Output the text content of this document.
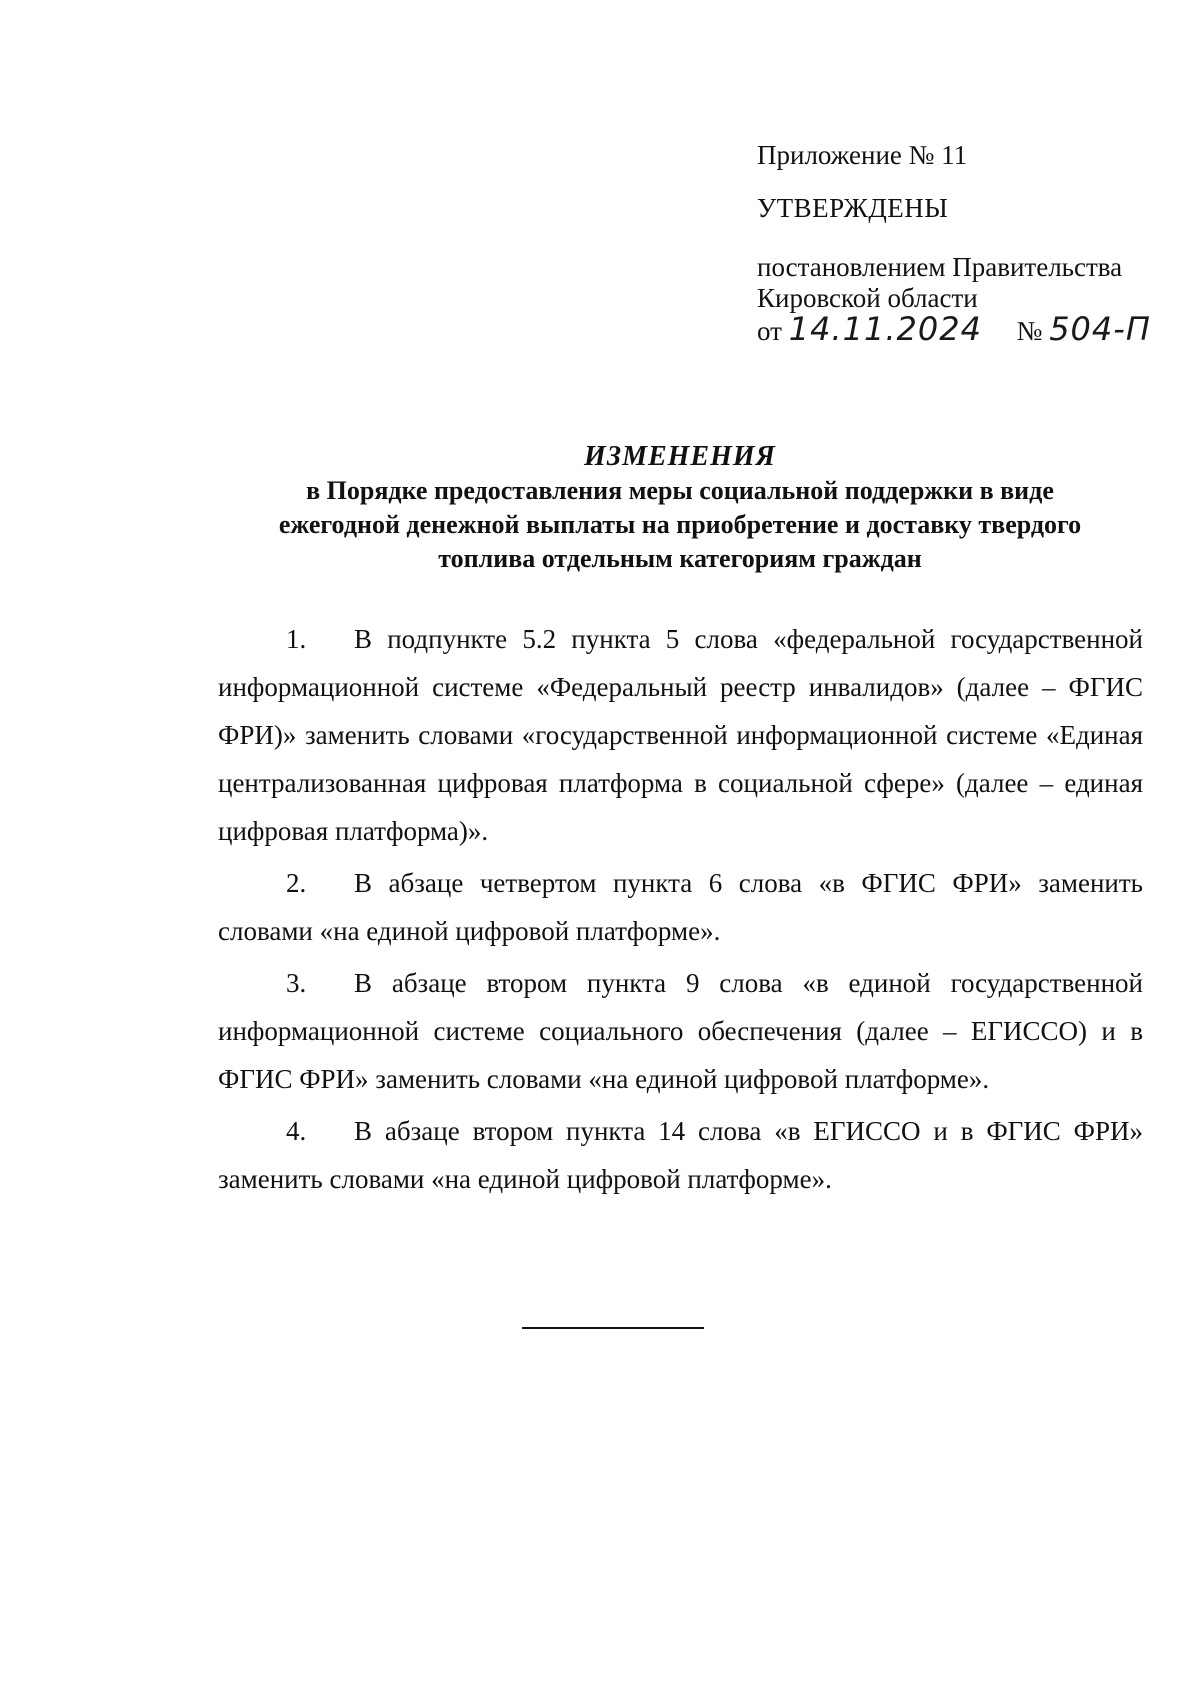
Приложение № 11
УТВЕРЖДЕНЫ
постановлением Правительства
Кировской области
от 14.11.2024 № 504-П
ИЗМЕНЕНИЯ
в Порядке предоставления меры социальной поддержки в виде
ежегодной денежной выплаты на приобретение и доставку твердого
топлива отдельным категориям граждан

1. В подпункте 5.2 пункта 5 слова «федеральной государственной информационной системе «Федеральный реестр инвалидов» (далее – ФГИС ФРИ)» заменить словами «государственной информационной системе «Единая централизованная цифровая платформа в социальной сфере» (далее – единая цифровая платформа)».

2. В абзаце четвертом пункта 6 слова «в ФГИС ФРИ» заменить словами «на единой цифровой платформе».

3. В абзаце втором пункта 9 слова «в единой государственной информационной системе социального обеспечения (далее – ЕГИССО) и в ФГИС ФРИ» заменить словами «на единой цифровой платформе».

4. В абзаце втором пункта 14 слова «в ЕГИССО и в ФГИС ФРИ» заменить словами «на единой цифровой платформе».
